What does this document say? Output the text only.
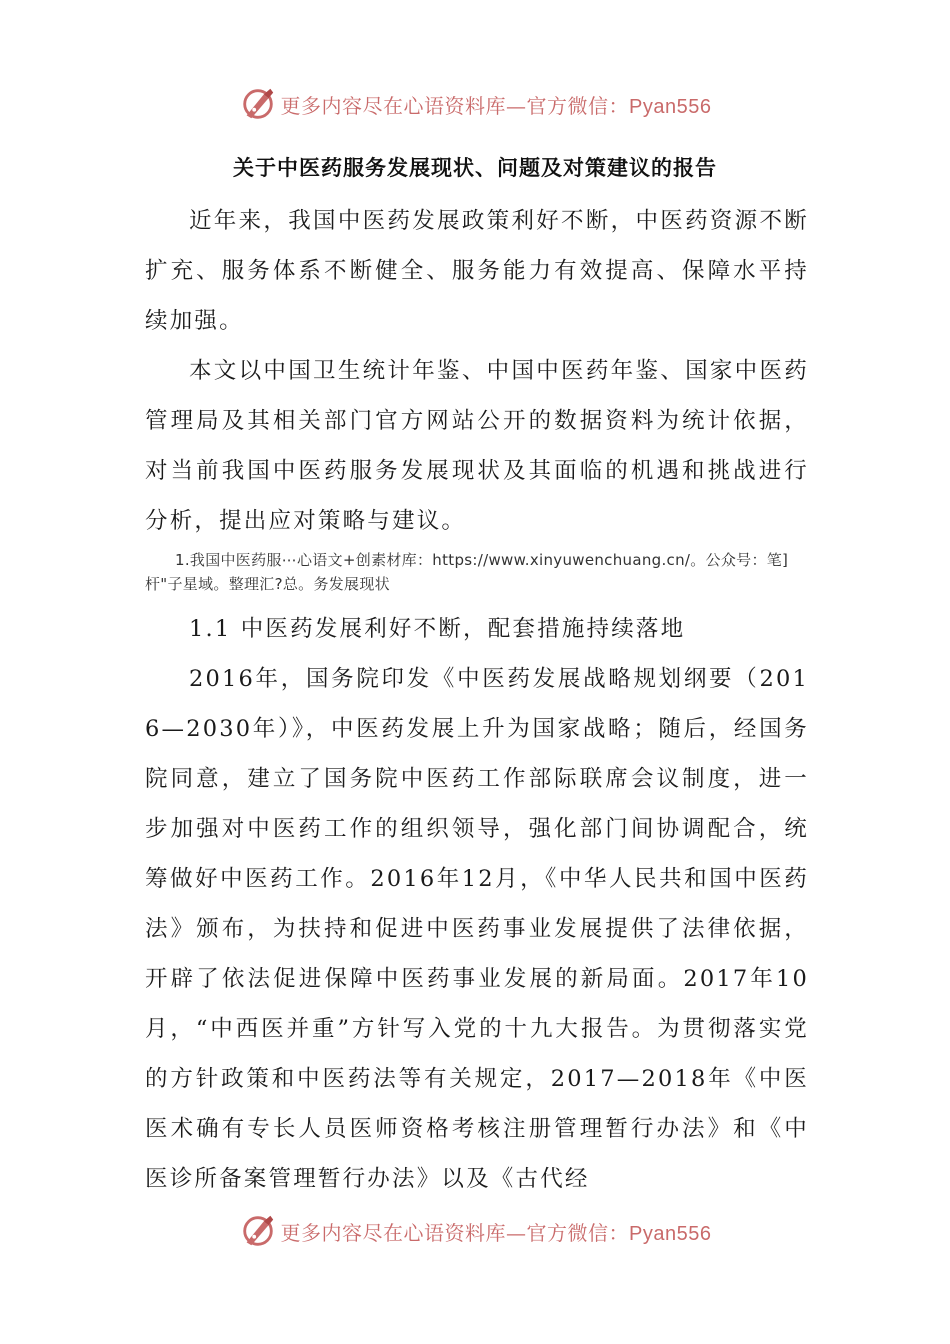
更多内容尽在心语资料库—官方微信：Pyan556
关于中医药服务发展现状、问题及对策建议的报告

近年来，我国中医药发展政策利好不断，中医药资源不断扩充、服务体系不断健全、服务能力有效提高、保障水平持续加强。

本文以中国卫生统计年鉴、中国中医药年鉴、国家中医药管理局及其相关部门官方网站公开的数据资料为统计依据，对当前我国中医药服务发展现状及其面临的机遇和挑战进行分析，提出应对策略与建议。

1.我国中医药服⋯心语文+创素材库：https://www.xinyuwenchuang.cn/。公众号：笔]杆"子星域。整理汇?总。务发展现状

1.1 中医药发展利好不断，配套措施持续落地

2016年，国务院印发《中医药发展战略规划纲要（2016—2030年）》，中医药发展上升为国家战略；随后，经国务院同意，建立了国务院中医药工作部际联席会议制度，进一步加强对中医药工作的组织领导，强化部门间协调配合，统筹做好中医药工作。2016年12月，《中华人民共和国中医药法》颁布，为扶持和促进中医药事业发展提供了法律依据，开辟了依法促进保障中医药事业发展的新局面。2017年10月，“中西医并重”方针写入党的十九大报告。为贯彻落实党的方针政策和中医药法等有关规定，2017—2018年《中医医术确有专长人员医师资格考核注册管理暂行办法》和《中医诊所备案管理暂行办法》以及《古代经

更多内容尽在心语资料库—官方微信：Pyan556
